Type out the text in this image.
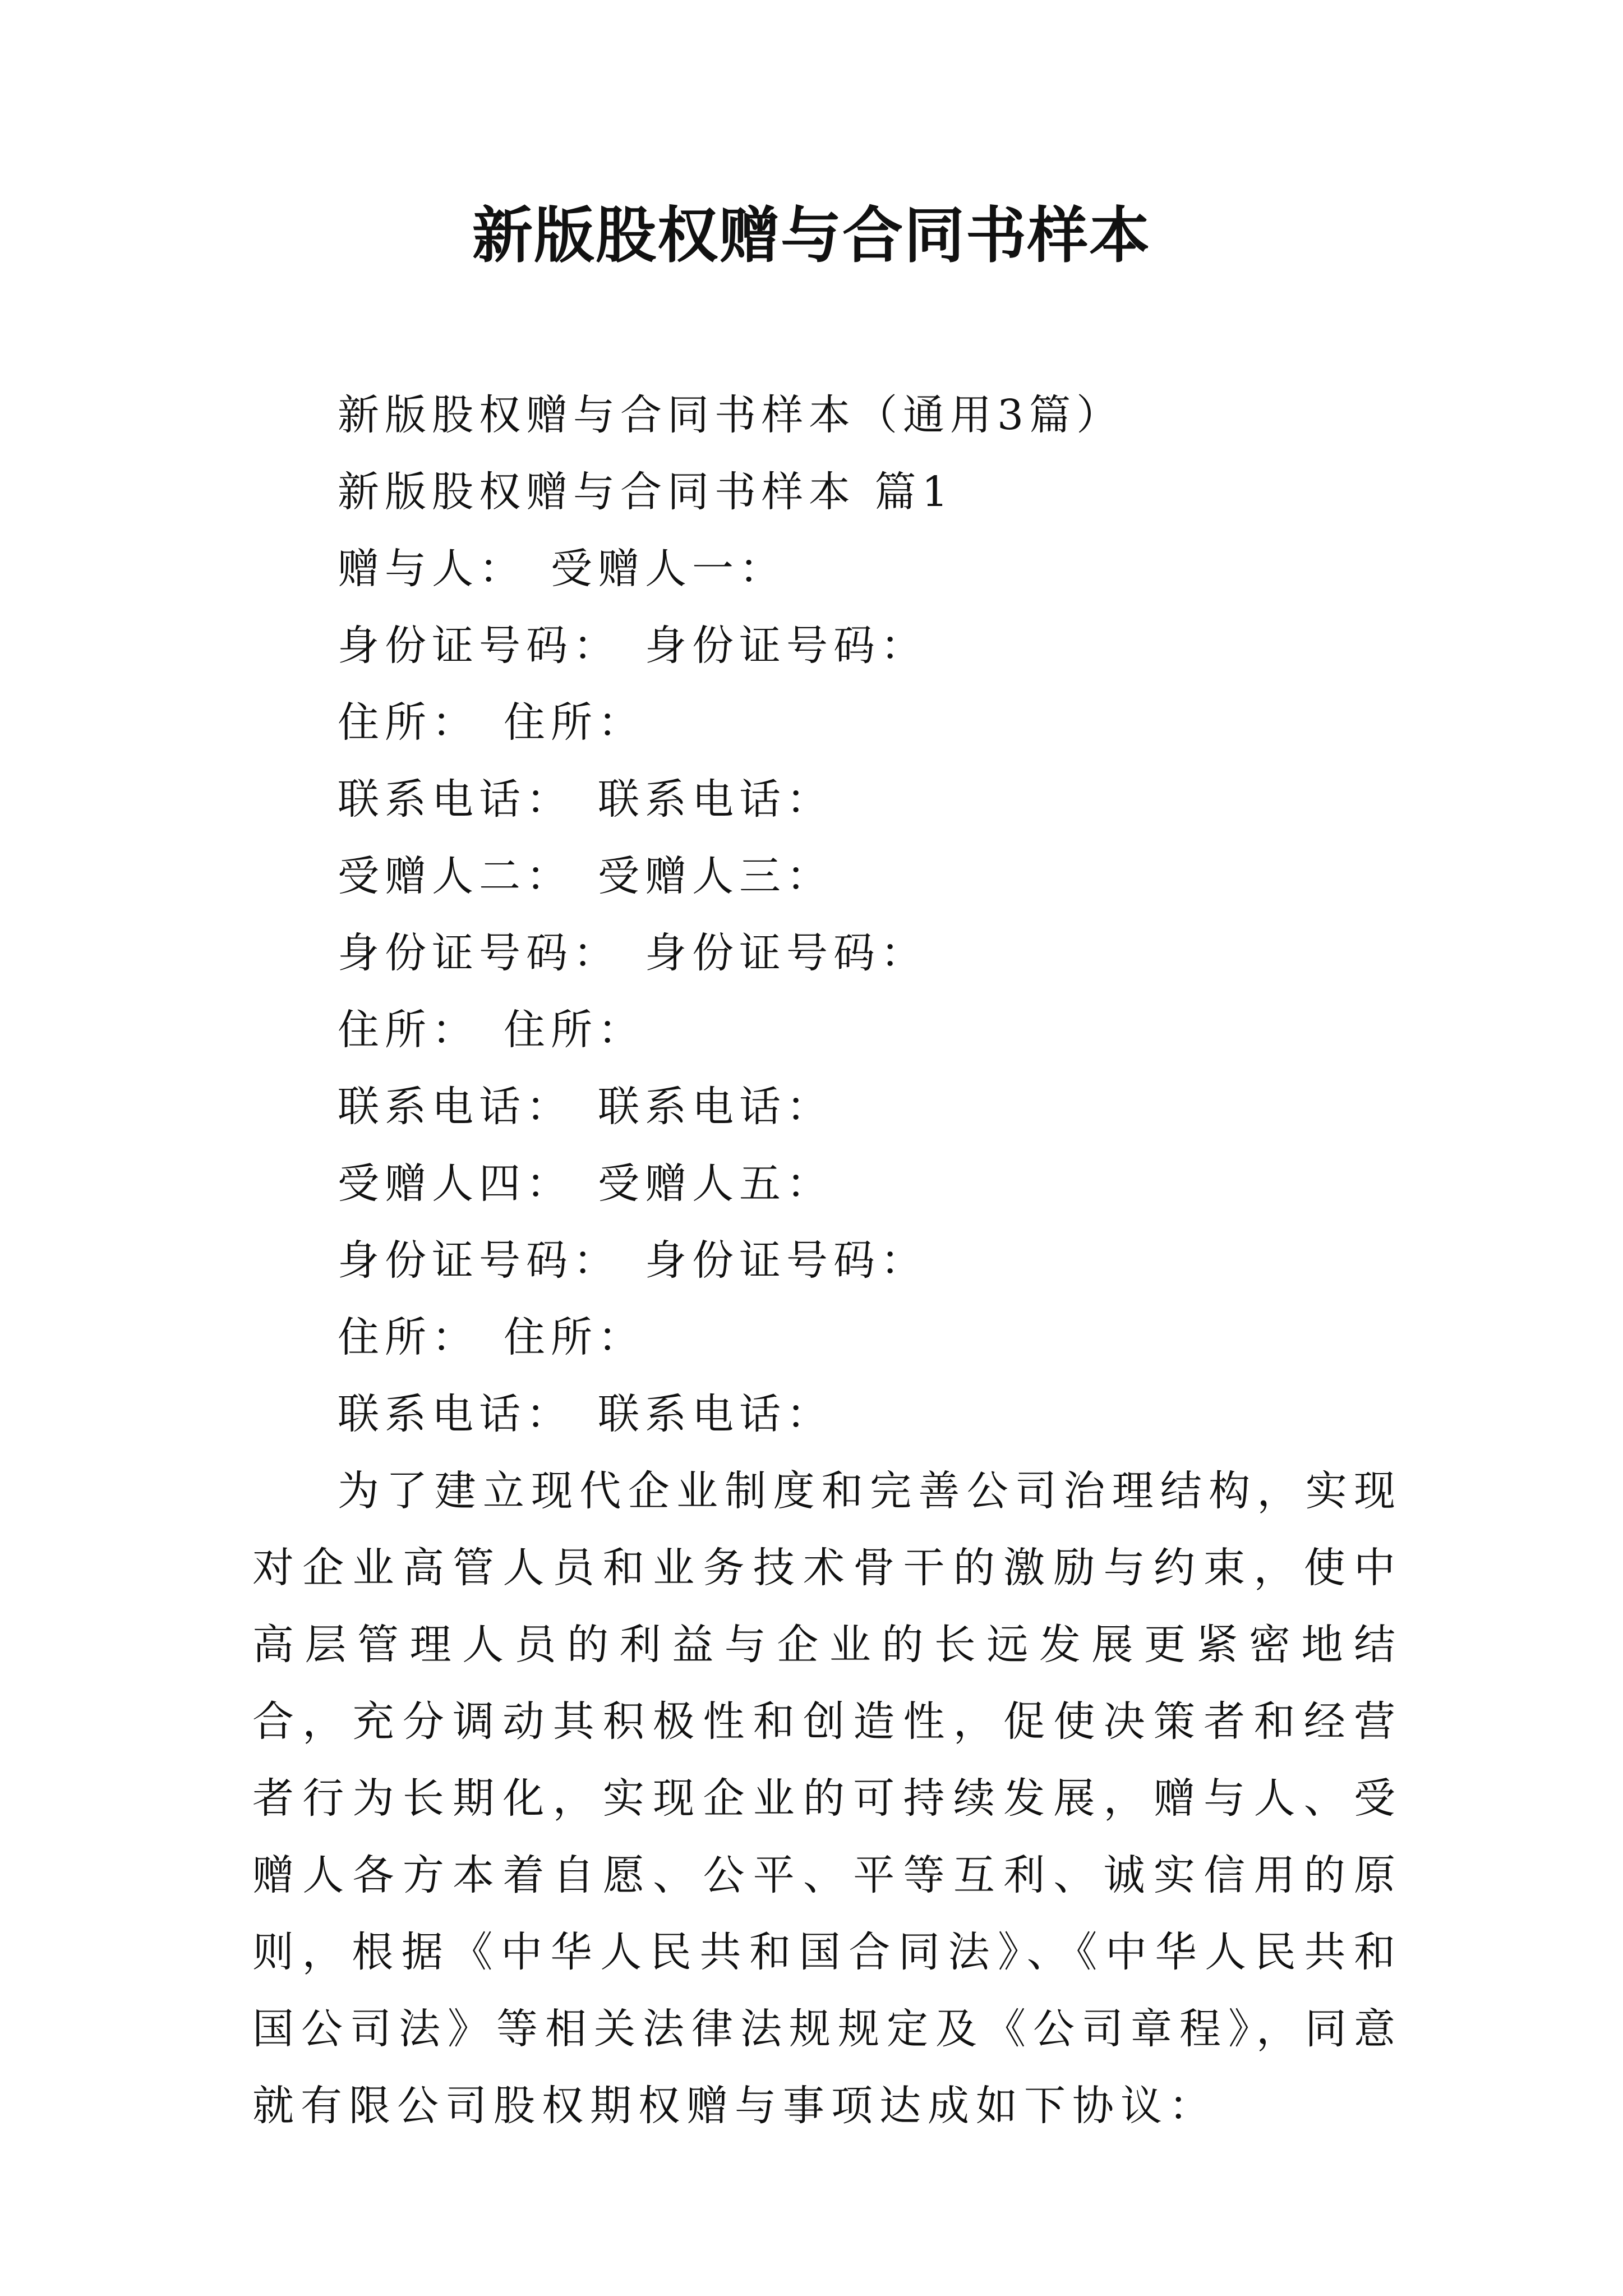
新版股权赠与合同书样本

新版股权赠与合同书样本（通用3篇）

新版股权赠与合同书样本 篇1

赠与人： 受赠人一：

身份证号码： 身份证号码：

住所： 住所：

联系电话： 联系电话：

受赠人二： 受赠人三：

身份证号码： 身份证号码：

住所： 住所：

联系电话： 联系电话：

受赠人四： 受赠人五：

身份证号码： 身份证号码：

住所： 住所：

联系电话： 联系电话：

为了建立现代企业制度和完善公司治理结构，实现对企业高管人员和业务技术骨干的激励与约束，使中高层管理人员的利益与企业的长远发展更紧密地结合，充分调动其积极性和创造性，促使决策者和经营者行为长期化，实现企业的可持续发展，赠与人、受赠人各方本着自愿、公平、平等互利、诚实信用的原则，根据《中华人民共和国合同法》、《中华人民共和国公司法》等相关法律法规规定及《公司章程》，同意就有限公司股权期权赠与事项达成如下协议：
